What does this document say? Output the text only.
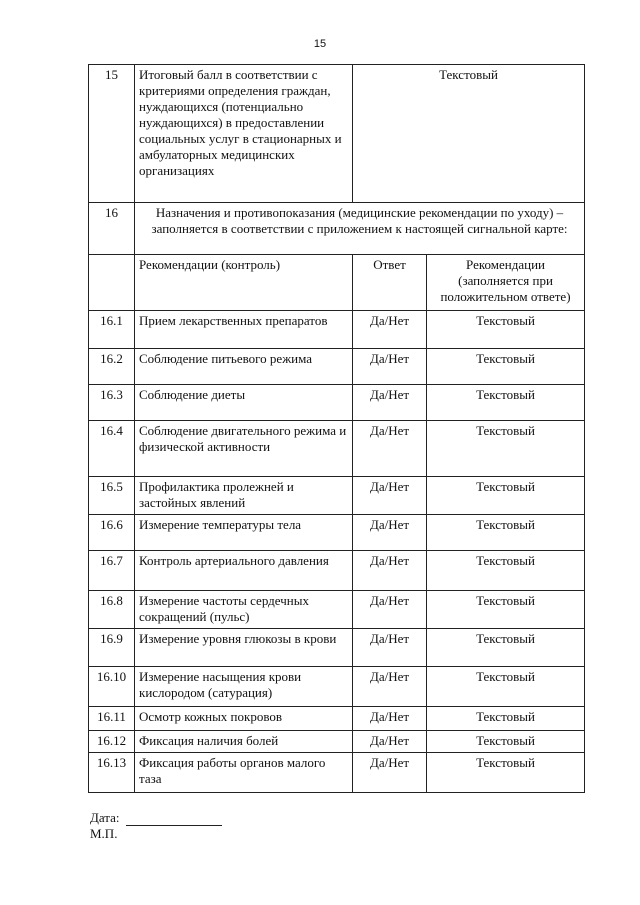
15
15	Итоговый балл в соответствии с критериями определения граждан, нуждающихся (потенциально нуждающихся) в предоставлении социальных услуг в стационарных и амбулаторных медицинских организациях	Текстовый	
16	Назначения и противопоказания (медицинские рекомендации по уходу) – заполняется в соответствии с приложением к настоящей сигнальной карте:		
	Рекомендации (контроль)	Ответ	Рекомендации (заполняется при положительном ответе)
16.1	Прием лекарственных препаратов	Да/Нет	Текстовый
16.2	Соблюдение питьевого режима	Да/Нет	Текстовый
16.3	Соблюдение диеты	Да/Нет	Текстовый
16.4	Соблюдение двигательного режима и физической активности	Да/Нет	Текстовый
16.5	Профилактика пролежней и застойных явлений	Да/Нет	Текстовый
16.6	Измерение температуры тела	Да/Нет	Текстовый
16.7	Контроль артериального давления	Да/Нет	Текстовый
16.8	Измерение частоты сердечных сокращений (пульс)	Да/Нет	Текстовый
16.9	Измерение уровня глюкозы в крови	Да/Нет	Текстовый
16.10	Измерение насыщения крови кислородом (сатурация)	Да/Нет	Текстовый
16.11	Осмотр кожных покровов	Да/Нет	Текстовый
16.12	Фиксация наличия болей	Да/Нет	Текстовый
16.13	Фиксация работы органов малого таза	Да/Нет	Текстовый
Дата:
М.П.
